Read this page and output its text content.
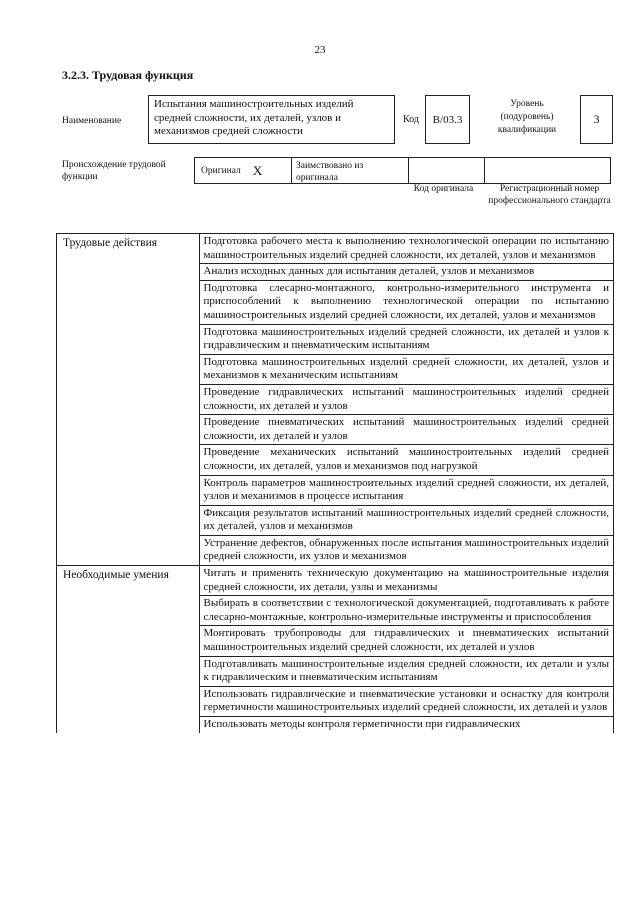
23
3.2.3. Трудовая функция
Наименование
Испытания машиностроительных изделий средней сложности, их деталей, узлов и механизмов средней сложности
Код	B/03.3
Уровень (подуровень) квалификации
3
Происхождение трудовой функции
Оригинал X	Заимствовано из оригинала
Код оригинала	Регистрационный номер профессионального стандарта
Трудовые действия	Подготовка рабочего места к выполнению технологической операции по испытанию машиностроительных изделий средней сложности, их деталей, узлов и механизмов
Анализ исходных данных для испытания деталей, узлов и механизмов
Подготовка слесарно-монтажного, контрольно-измерительного инструмента и приспособлений к выполнению технологической операции по испытанию машиностроительных изделий средней сложности, их деталей, узлов и механизмов
Подготовка машиностроительных изделий средней сложности, их деталей и узлов к гидравлическим и пневматическим испытаниям
Подготовка машиностроительных изделий средней сложности, их деталей, узлов и механизмов к механическим испытаниям
Проведение гидравлических испытаний машиностроительных изделий средней сложности, их деталей и узлов
Проведение пневматических испытаний машиностроительных изделий средней сложности, их деталей и узлов
Проведение механических испытаний машиностроительных изделий средней сложности, их деталей, узлов и механизмов под нагрузкой
Контроль параметров машиностроительных изделий средней сложности, их деталей, узлов и механизмов в процессе испытания
Фиксация результатов испытаний машиностроительных изделий средней сложности, их деталей, узлов и механизмов
Устранение дефектов, обнаруженных после испытания машиностроительных изделий средней сложности, их узлов и механизмов
Необходимые умения	Читать и применять техническую документацию на машиностроительные изделия средней сложности, их детали, узлы и механизмы
Выбирать в соответствии с технологической документацией, подготавливать к работе слесарно-монтажные, контрольно-измерительные инструменты и приспособления
Монтировать трубопроводы для гидравлических и пневматических испытаний машиностроительных изделий средней сложности, их деталей и узлов
Подготавливать машиностроительные изделия средней сложности, их детали и узлы к гидравлическим и пневматическим испытаниям
Использовать гидравлические и пневматические установки и оснастку для контроля герметичности машиностроительных изделий средней сложности, их деталей и узлов
Использовать методы контроля герметичности при гидравлических
